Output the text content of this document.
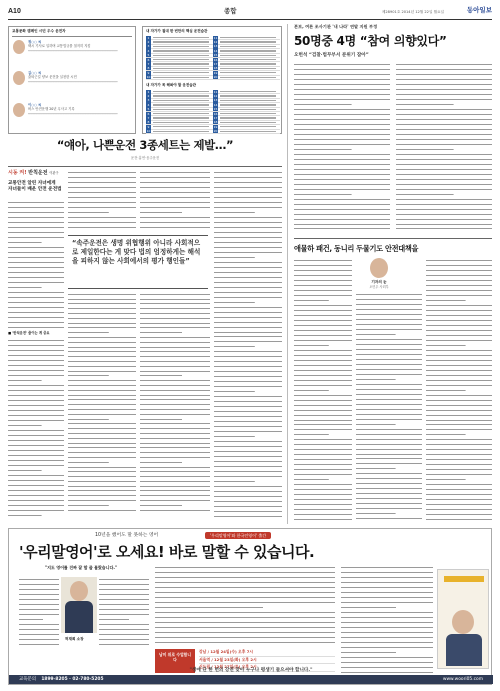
A10	종합	제28901호 2014년 12월 22일 월요일	동아일보
교통문화 캠페인 시민 우수 운전자
정○○ 씨
택시 기사로 일하며 교통법규를 철저히 지킴
━━━━━━━━━━━━━━━━━━━━━━━━━━━━━━━━━━━━━━━━━━━━━━━━━━━━━
김○○ 씨
출퇴근길 양보 운전을 실천한 시민
━━━━━━━━━━━━━━━━━━━━━━━━━━━━━━━━━━━━━━━━━━━━━━━━━━━━━
이○○ 씨
버스 안전운행 20년 무사고 기록
━━━━━━━━━━━━━━━━━━━━━━━━━━━━━━━━━━━━━━━━━━━━━━━━━━━━━
내 자가가 절대 한 번만의 핵심 운전습관
1	11
2	12
3	13
4	14
5	15
6	16
7	17
8	18
9	19
10	20
내 자가가 꼭 해봐야 할 운전습관
1	11
2	12
3	13
4	14
5	15
6	16
7	17
8	18
9	19
10	20
“얘아, 나쁜운전 3종세트는 제발…”
운전·흡연·음주운전
시동 켜! 반칙운전 이관구
교통안전 알린 자녀에게
자녀들이 배운 안전 운전법
■ '반칙운전' 줄이는 게 중요
“속주운전은 생명 위협행위 아니라 사회적으로 제일한다는 게 맞다 법의 엄정하게는 해석을 피하지 않는 사회에서의 평가 행인들”
본보, 여론 조사기관 '내 나라' 연말 지원 부정
50명중 4명 “참여 의향있다”
오헌석 “검찰·법무부서 분위기 잡아”
애물하 패건, 동니리 두물기도 안전대책을
기자의 눈
오민우 사회부
10년을 했어도 말 못하는 영어	'우리말영어'와 한국인영어' 출간
'우리말영어'로 오세요! 바로 말할 수 있습니다.
"지도 영어를 진짜 잘 할 줄 몰랐습니다."
허재희 소장
남미 위로 수업합니다
강남 / 12월 24일(수) 오후 7시
서울역 / 12월 23일(화) 오후 2시
신도림 / 12월 27일(토) 오후 2시
"생애 단 한 번의 강연 맞아 누구나 평생기 들으셔야 합니다."
교육문의 1899-8205 · 02-780-5205	www.woori05.com
